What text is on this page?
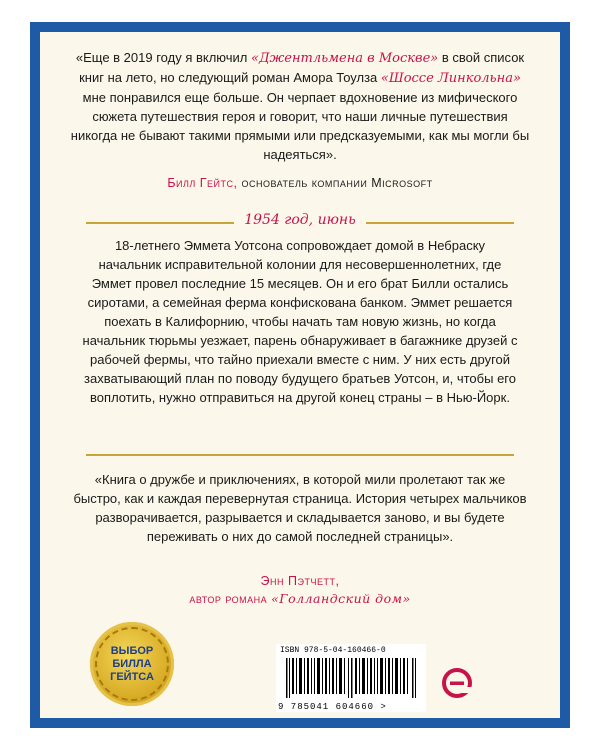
«Еще в 2019 году я включил «Джентльмена в Москве» в свой список книг на лето, но следующий роман Амора Тоулза «Шоссе Линкольна» мне понравился еще больше. Он черпает вдохновение из мифического сюжета путешествия героя и говорит, что наши личные путешествия никогда не бывают такими прямыми или предсказуемыми, как мы могли бы надеяться».
Билл Гейтс, основатель компании Microsoft
1954 год, июнь
18-летнего Эммета Уотсона сопровождает домой в Небраску начальник исправительной колонии для несовершеннолетних, где Эммет провел последние 15 месяцев. Он и его брат Билли остались сиротами, а семейная ферма конфискована банком. Эммет решается поехать в Калифорнию, чтобы начать там новую жизнь, но когда начальник тюрьмы уезжает, парень обнаруживает в багажнике друзей с рабочей фермы, что тайно приехали вместе с ним. У них есть другой захватывающий план по поводу будущего братьев Уотсон, и, чтобы его воплотить, нужно отправиться на другой конец страны – в Нью-Йорк.
«Книга о дружбе и приключениях, в которой мили пролетают так же быстро, как и каждая перевернутая страница. История четырех мальчиков разворачивается, разрывается и складывается заново, и вы будете переживать о них до самой последней страницы».
Энн Пэтчетт,
автор романа «Голландский дом»
ВЫБОР
БИЛЛА
ГЕЙТСА
ISBN 978-5-04-160466-0
9 785041 604660 >
